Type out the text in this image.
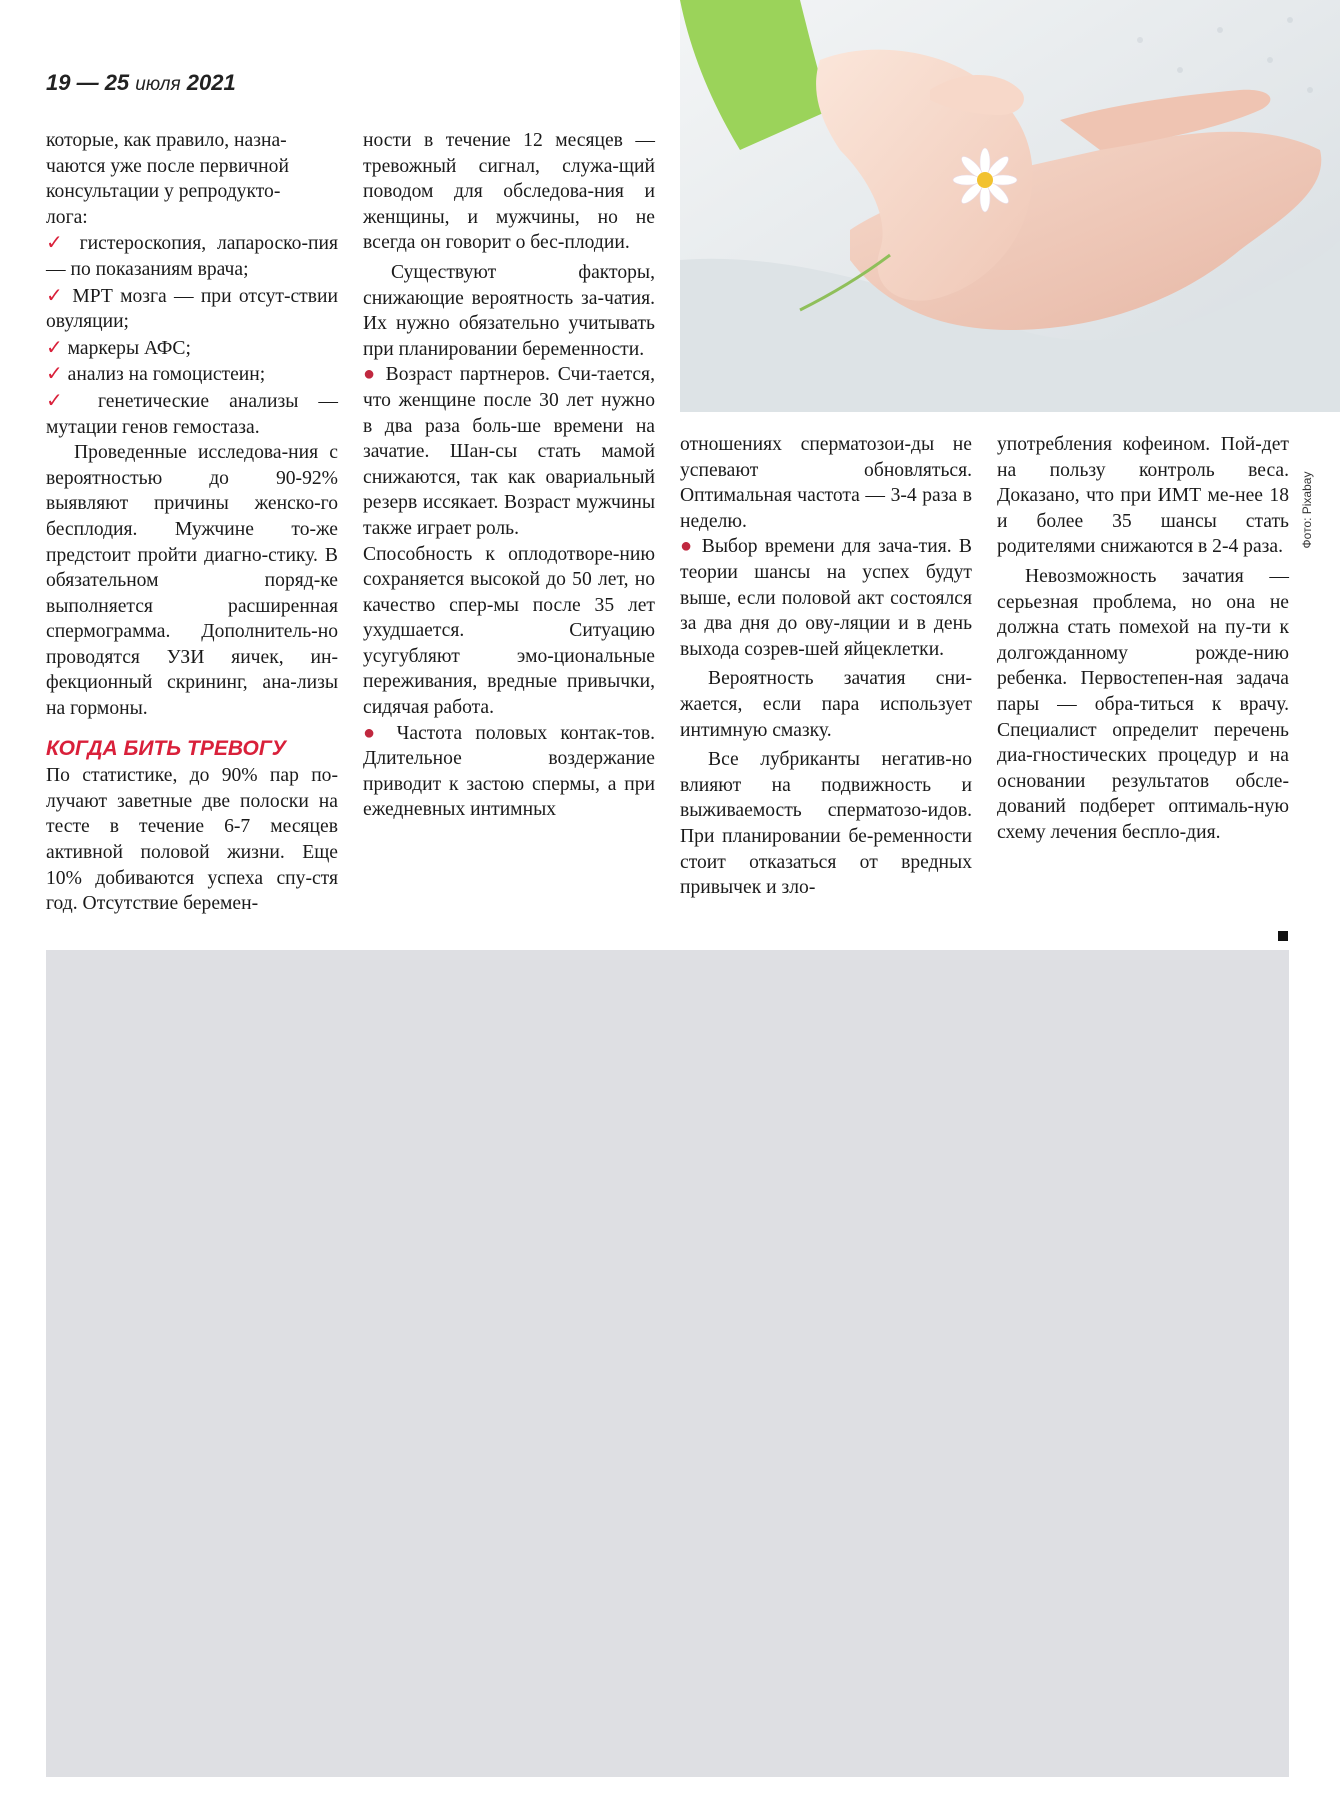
19 — 25 июля 2021
Фото: Pixabay

которые, как правило, назна-

чаются уже после первичной

консультации у репродукто-

лога:

✓ гистероскопия, лапароско-пия — по показаниям врача;

✓ МРТ мозга — при отсут-ствии овуляции;

✓ маркеры АФС;

✓ анализ на гомоцистеин;

✓ генетические анализы — мутации генов гемостаза.

Проведенные исследова-ния с вероятностью до 90-92% выявляют причины женско-го бесплодия. Мужчине то-же предстоит пройти диагно-стику. В обязательном поряд-ке выполняется расширенная спермограмма. Дополнитель-но проводятся УЗИ яичек, ин-фекционный скрининг, ана-лизы на гормоны.

КОГДА БИТЬ ТРЕВОГУ

По статистике, до 90% пар по-лучают заветные две полоски на тесте в течение 6-7 месяцев активной половой жизни. Еще 10% добиваются успеха спу-стя год. Отсутствие беремен-

ности в течение 12 месяцев — тревожный сигнал, служа-щий поводом для обследова-ния и женщины, и мужчины, но не всегда он говорит о бес-плодии.

Существуют факторы, снижающие вероятность за-чатия. Их нужно обязательно учитывать при планировании беременности.

● Возраст партнеров. Счи-тается, что женщине после 30 лет нужно в два раза боль-ше времени на зачатие. Шан-сы стать мамой снижаются, так как овариальный резерв иссякает. Возраст мужчины также играет роль.

Способность к оплодотворе-нию сохраняется высокой до 50 лет, но качество спер-мы после 35 лет ухудшается. Ситуацию усугубляют эмо-циональные переживания, вредные привычки, сидячая работа.

● Частота половых контак-тов. Длительное воздержание приводит к застою спермы, а при ежедневных интимных

отношениях сперматозои-ды не успевают обновляться. Оптимальная частота — 3-4 раза в неделю.

● Выбор времени для зача-тия. В теории шансы на успех будут выше, если половой акт состоялся за два дня до ову-ляции и в день выхода созрев-шей яйцеклетки.

Вероятность зачатия сни-жается, если пара использует интимную смазку.

Все лубриканты негатив-но влияют на подвижность и выживаемость сперматозо-идов. При планировании бе-ременности стоит отказаться от вредных привычек и зло-

употребления кофеином. Пой-дет на пользу контроль веса. Доказано, что при ИМТ ме-нее 18 и более 35 шансы стать родителями снижаются в 2-4 раза.

Невозможность зачатия — серьезная проблема, но она не должна стать помехой на пу-ти к долгожданному рожде-нию ребенка. Первостепен-ная задача пары — обра-титься к врачу. Специалист определит перечень диа-гностических процедур и на основании результатов обсле-дований подберет оптималь-ную схему лечения беспло-дия.
